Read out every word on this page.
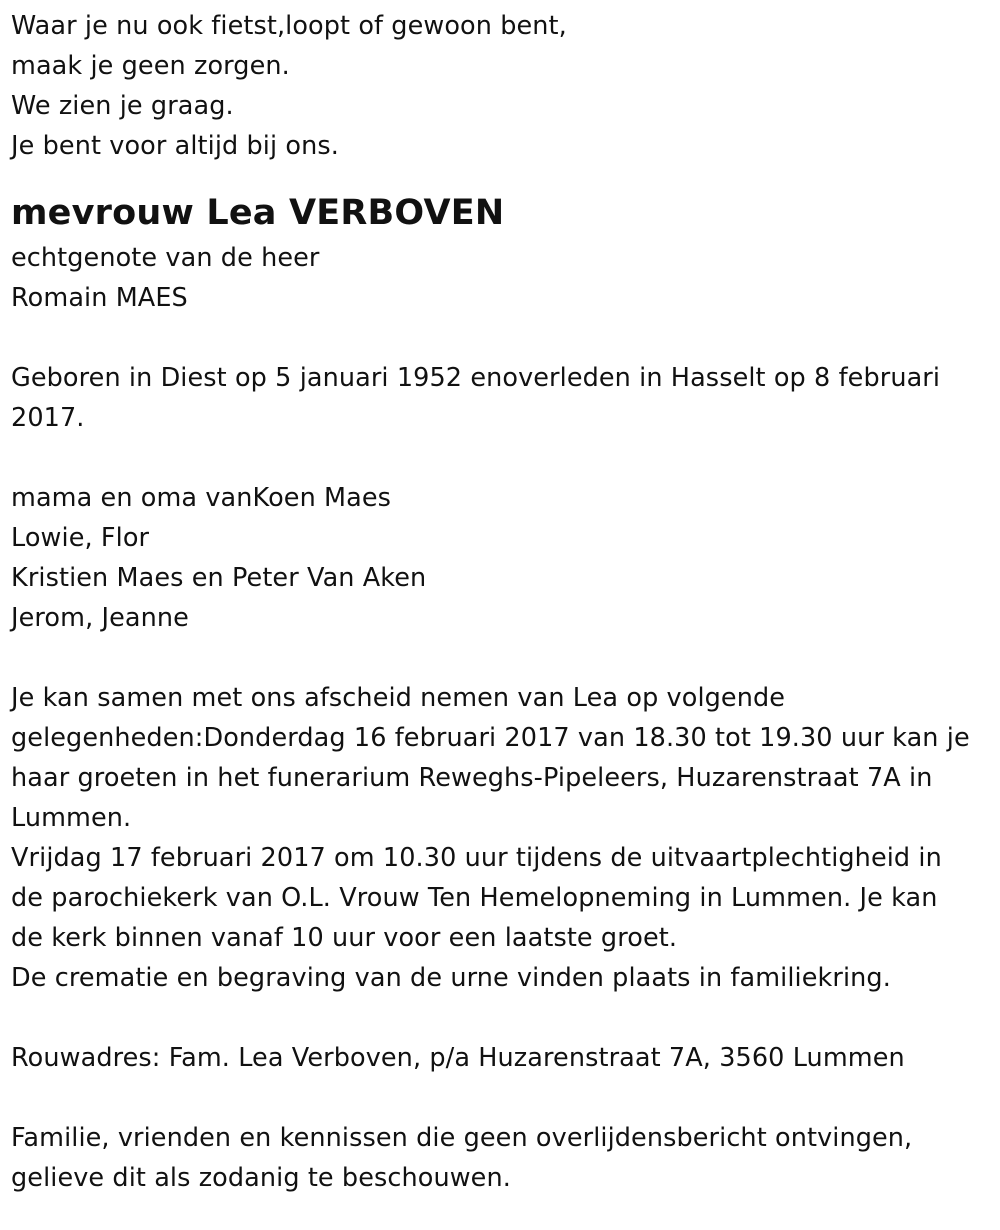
Waar je nu ook fietst,loopt of gewoon bent,
maak je geen zorgen.
We zien je graag.
Je bent voor altijd bij ons.
mevrouw Lea VERBOVEN
echtgenote van de heer
Romain MAES
Geboren in Diest op 5 januari 1952 enoverleden in Hasselt op 8 februari
2017.
mama en oma vanKoen Maes
Lowie, Flor
Kristien Maes en Peter Van Aken
Jerom, Jeanne
Je kan samen met ons afscheid nemen van Lea op volgende
gelegenheden:Donderdag 16 februari 2017 van 18.30 tot 19.30 uur kan je
haar groeten in het funerarium Reweghs-Pipeleers, Huzarenstraat 7A in
Lummen.
Vrijdag 17 februari 2017 om 10.30 uur tijdens de uitvaartplechtigheid in
de parochiekerk van O.L. Vrouw Ten Hemelopneming in Lummen. Je kan
de kerk binnen vanaf 10 uur voor een laatste groet.
De crematie en begraving van de urne vinden plaats in familiekring.
Rouwadres: Fam. Lea Verboven, p/a Huzarenstraat 7A, 3560 Lummen
Familie, vrienden en kennissen die geen overlijdensbericht ontvingen,
gelieve dit als zodanig te beschouwen.
